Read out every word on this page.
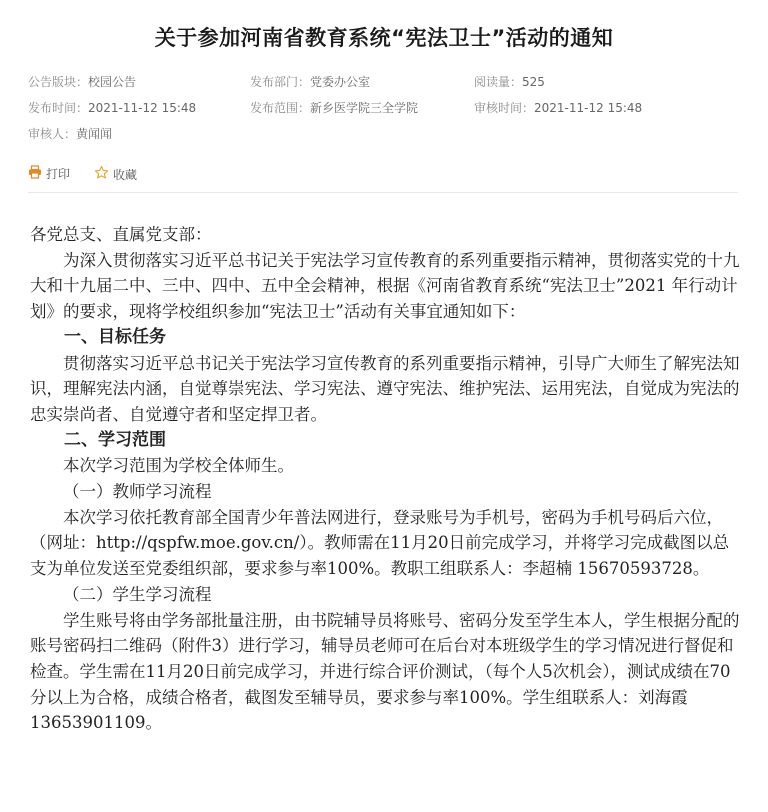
关于参加河南省教育系统“宪法卫士”活动的通知
公告版块：校园公告	发布部门：党委办公室	阅读量：525
发布时间：2021-11-12 15:48	发布范围：新乡医学院三全学院	审核时间：2021-11-12 15:48
审核人：黄闻闻
打印	收藏

各党总支、直属党支部：

为深入贯彻落实习近平总书记关于宪法学习宣传教育的系列重要指示精神，贯彻落实党的十九大和十九届二中、三中、四中、五中全会精神，根据《河南省教育系统“宪法卫士”2021 年行动计划》的要求，现将学校组织参加“宪法卫士”活动有关事宜通知如下：

一、目标任务

贯彻落实习近平总书记关于宪法学习宣传教育的系列重要指示精神，引导广大师生了解宪法知识，理解宪法内涵，自觉尊崇宪法、学习宪法、遵守宪法、维护宪法、运用宪法，自觉成为宪法的忠实崇尚者、自觉遵守者和坚定捍卫者。

二、学习范围

本次学习范围为学校全体师生。

（一）教师学习流程

本次学习依托教育部全国青少年普法网进行，登录账号为手机号，密码为手机号码后六位，（网址：http://qspfw.moe.gov.cn/）。教师需在11月20日前完成学习，并将学习完成截图以总支为单位发送至党委组织部，要求参与率100%。教职工组联系人：李超楠 15670593728。

（二）学生学习流程

学生账号将由学务部批量注册，由书院辅导员将账号、密码分发至学生本人，学生根据分配的账号密码扫二维码（附件3）进行学习，辅导员老师可在后台对本班级学生的学习情况进行督促和检查。学生需在11月20日前完成学习，并进行综合评价测试，（每个人5次机会），测试成绩在70分以上为合格，成绩合格者，截图发至辅导员，要求参与率100%。学生组联系人：刘海霞 13653901109。
